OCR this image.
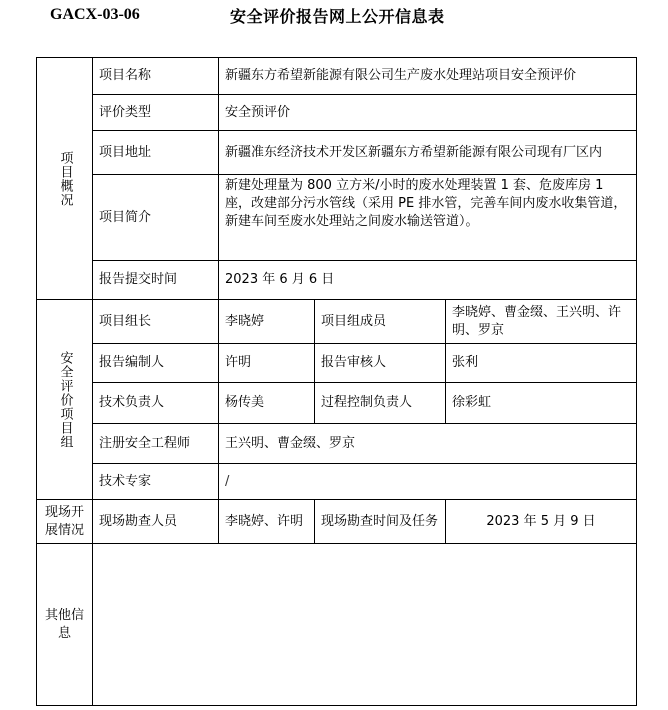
GACX-03-06	安全评价报告网上公开信息表
项目概况	项目名称	新疆东方希望新能源有限公司生产废水处理站项目安全预评价		
	评价类型	安全预评价		
	项目地址	新疆准东经济技术开发区新疆东方希望新能源有限公司现有厂区内		
	项目简介	新建处理量为 800 立方米/小时的废水处理装置 1 套、危废库房 1 座，改建部分污水管线（采用 PE 排水管，完善车间内废水收集管道，新建车间至废水处理站之间废水输送管道）。		
	报告提交时间	2023 年 6 月 6 日		
安全评价项目组	项目组长	李晓婷	项目组成员	李晓婷、曹金缀、王兴明、许明、罗京
	报告编制人	许明	报告审核人	张利
	技术负责人	杨传美	过程控制负责人	徐彩虹
	注册安全工程师	王兴明、曹金缀、罗京		
	技术专家	/		
现场开展情况	现场勘查人员	李晓婷、许明	现场勘查时间及任务	2023 年 5 月 9 日
其他信息				
